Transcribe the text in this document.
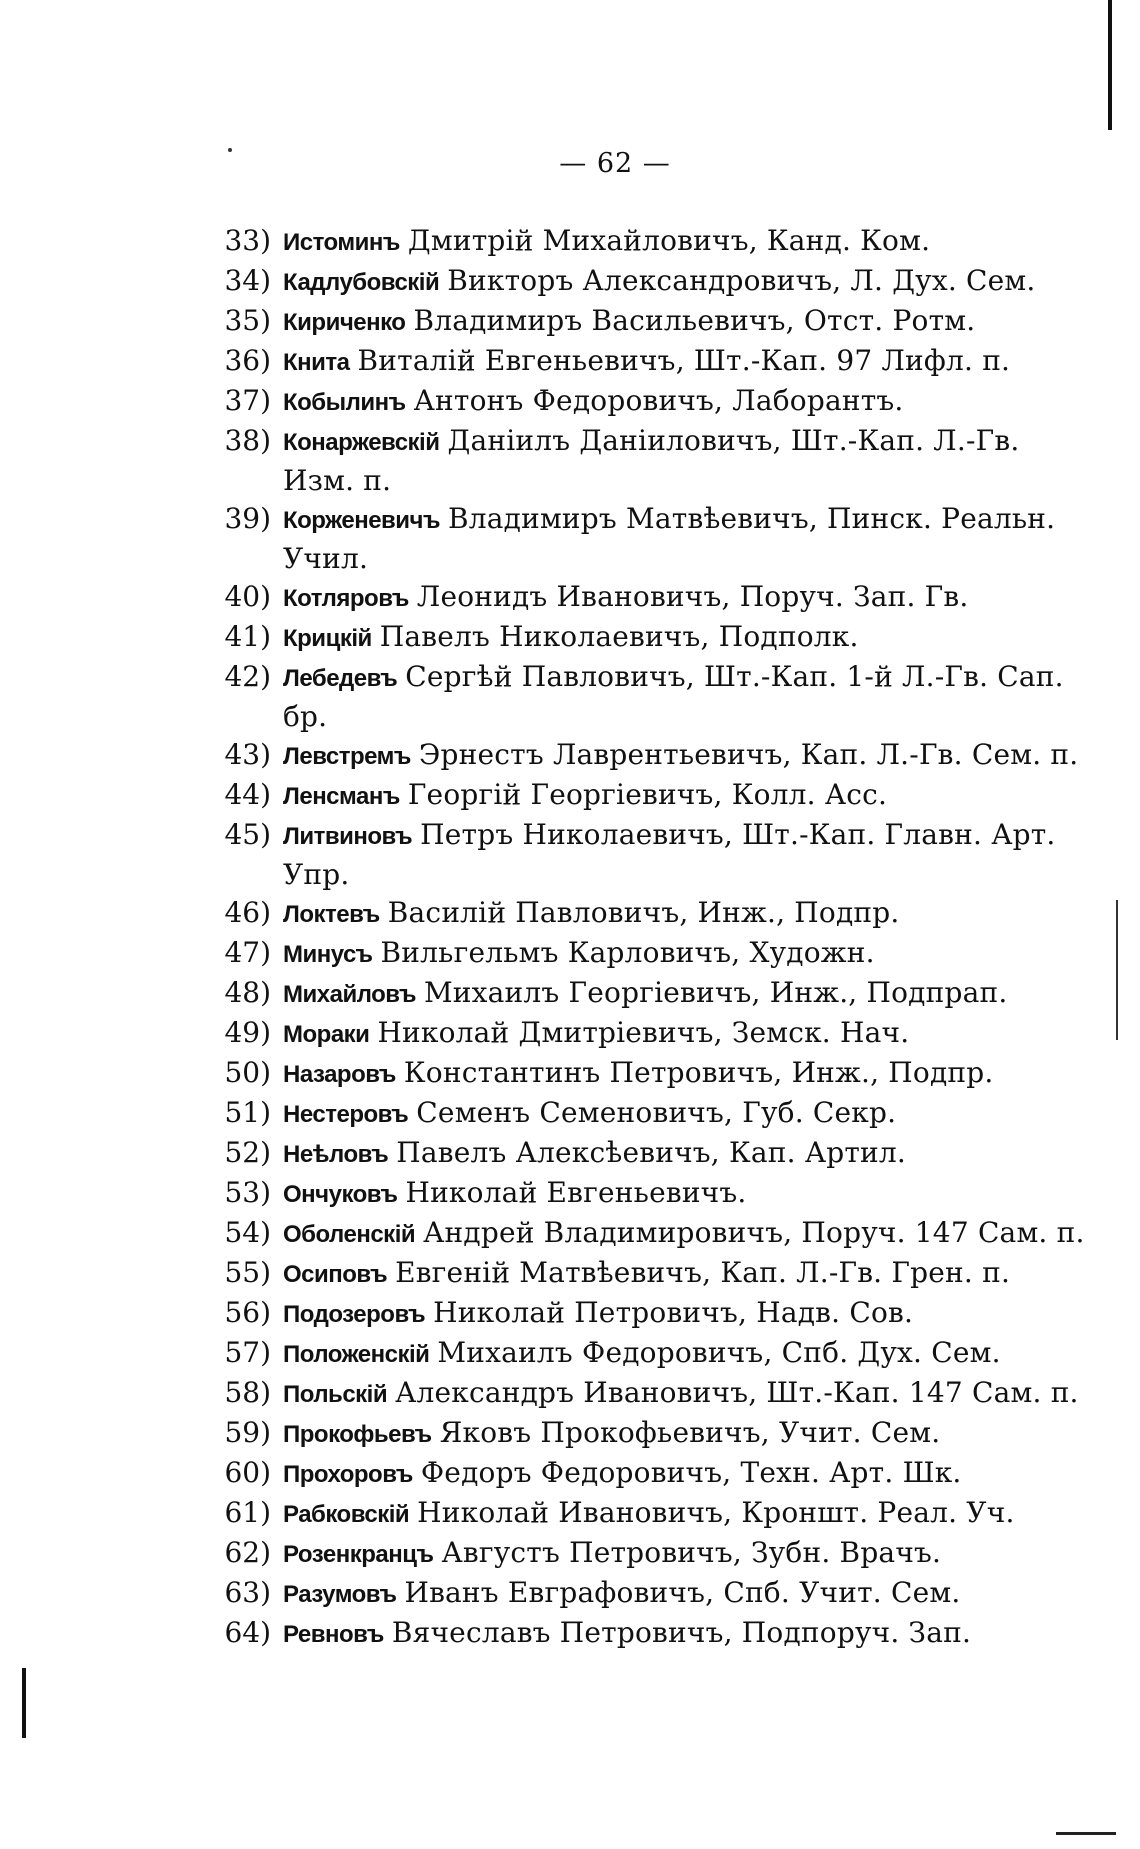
— 62 —
33) Истоминъ Дмитрій Михайловичъ, Канд. Ком.
34) Кадлубовскій Викторъ Александровичъ, Л. Дух. Сем.
35) Кириченко Владимиръ Васильевичъ, Отст. Ротм.
36) Книта Виталій Евгеньевичъ, Шт.-Кап. 97 Лифл. п.
37) Кобылинъ Антонъ Федоровичъ, Лаборантъ.
38) Конаржевскій Даніилъ Даніиловичъ, Шт.-Кап. Л.-Гв. Изм. п.
39) Корженевичъ Владимиръ Матвѣевичъ, Пинск. Реальн. Учил.
40) Котляровъ Леонидъ Ивановичъ, Поруч. Зап. Гв.
41) Крицкій Павелъ Николаевичъ, Подполк.
42) Лебедевъ Сергѣй Павловичъ, Шт.-Кап. 1-й Л.-Гв. Сап. бр.
43) Левстремъ Эрнестъ Лаврентьевичъ, Кап. Л.-Гв. Сем. п.
44) Ленсманъ Георгій Георгіевичъ, Колл. Асс.
45) Литвиновъ Петръ Николаевичъ, Шт.-Кап. Главн. Арт. Упр.
46) Локтевъ Василій Павловичъ, Инж., Подпр.
47) Минусъ Вильгельмъ Карловичъ, Художн.
48) Михайловъ Михаилъ Георгіевичъ, Инж., Подпрап.
49) Мораки Николай Дмитріевичъ, Земск. Нач.
50) Назаровъ Константинъ Петровичъ, Инж., Подпр.
51) Нестеровъ Семенъ Семеновичъ, Губ. Секр.
52) Неѣловъ Павелъ Алексѣевичъ, Кап. Артил.
53) Ончуковъ Николай Евгеньевичъ.
54) Оболенскій Андрей Владимировичъ, Поруч. 147 Сам. п.
55) Осиповъ Евгеній Матвѣевичъ, Кап. Л.-Гв. Грен. п.
56) Подозеровъ Николай Петровичъ, Надв. Сов.
57) Положенскій Михаилъ Федоровичъ, Спб. Дух. Сем.
58) Польскій Александръ Ивановичъ, Шт.-Кап. 147 Сам. п.
59) Прокофьевъ Яковъ Прокофьевичъ, Учит. Сем.
60) Прохоровъ Федоръ Федоровичъ, Техн. Арт. Шк.
61) Рабковскій Николай Ивановичъ, Кроншт. Реал. Уч.
62) Розенкранцъ Августъ Петровичъ, Зубн. Врачъ.
63) Разумовъ Иванъ Евграфовичъ, Спб. Учит. Сем.
64) Ревновъ Вячеславъ Петровичъ, Подпоруч. Зап.
